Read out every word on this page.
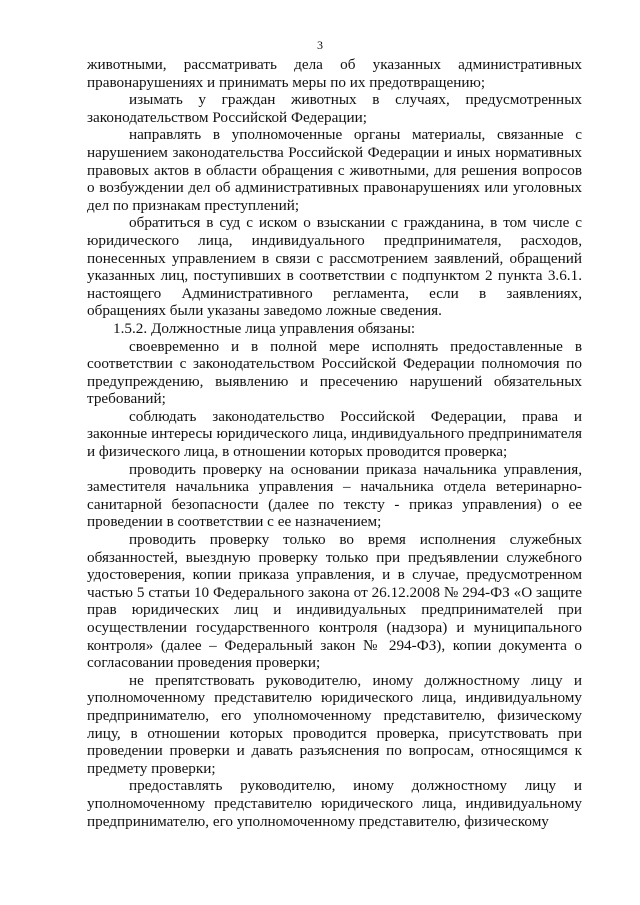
3

животными, рассматривать дела об указанных административных правонарушениях и принимать меры по их предотвращению;

изымать у граждан животных в случаях, предусмотренных законодательством Российской Федерации;

направлять в уполномоченные органы материалы, связанные с нарушением законодательства Российской Федерации и иных нормативных правовых актов в области обращения с животными, для решения вопросов о возбуждении дел об административных правонарушениях или уголовных дел по признакам преступлений;

обратиться в суд с иском о взыскании с гражданина, в том числе с юридического лица, индивидуального предпринимателя, расходов, понесенных управлением в связи с рассмотрением заявлений, обращений указанных лиц, поступивших в соответствии с подпунктом 2 пункта 3.6.1. настоящего Административного регламента, если в заявлениях, обращениях были указаны заведомо ложные сведения.

1.5.2. Должностные лица управления обязаны:

своевременно и в полной мере исполнять предоставленные в соответствии с законодательством Российской Федерации полномочия по предупреждению, выявлению и пресечению нарушений обязательных требований;

соблюдать законодательство Российской Федерации, права и законные интересы юридического лица, индивидуального предпринимателя и физического лица, в отношении которых проводится проверка;

проводить проверку на основании приказа начальника управления, заместителя начальника управления – начальника отдела ветеринарно-санитарной безопасности (далее по тексту - приказ управления) о ее проведении в соответствии с ее назначением;

проводить проверку только во время исполнения служебных обязанностей, выездную проверку только при предъявлении служебного удостоверения, копии приказа управления, и в случае, предусмотренном частью 5 статьи 10 Федерального закона от 26.12.2008 № 294-ФЗ «О защите прав юридических лиц и индивидуальных предпринимателей при осуществлении государственного контроля (надзора) и муниципального контроля» (далее – Федеральный закон № 294-ФЗ), копии документа о согласовании проведения проверки;

не препятствовать руководителю, иному должностному лицу и уполномоченному представителю юридического лица, индивидуальному предпринимателю, его уполномоченному представителю, физическому лицу, в отношении которых проводится проверка, присутствовать при проведении проверки и давать разъяснения по вопросам, относящимся к предмету проверки;

предоставлять руководителю, иному должностному лицу и уполномоченному представителю юридического лица, индивидуальному предпринимателю, его уполномоченному представителю, физическому
